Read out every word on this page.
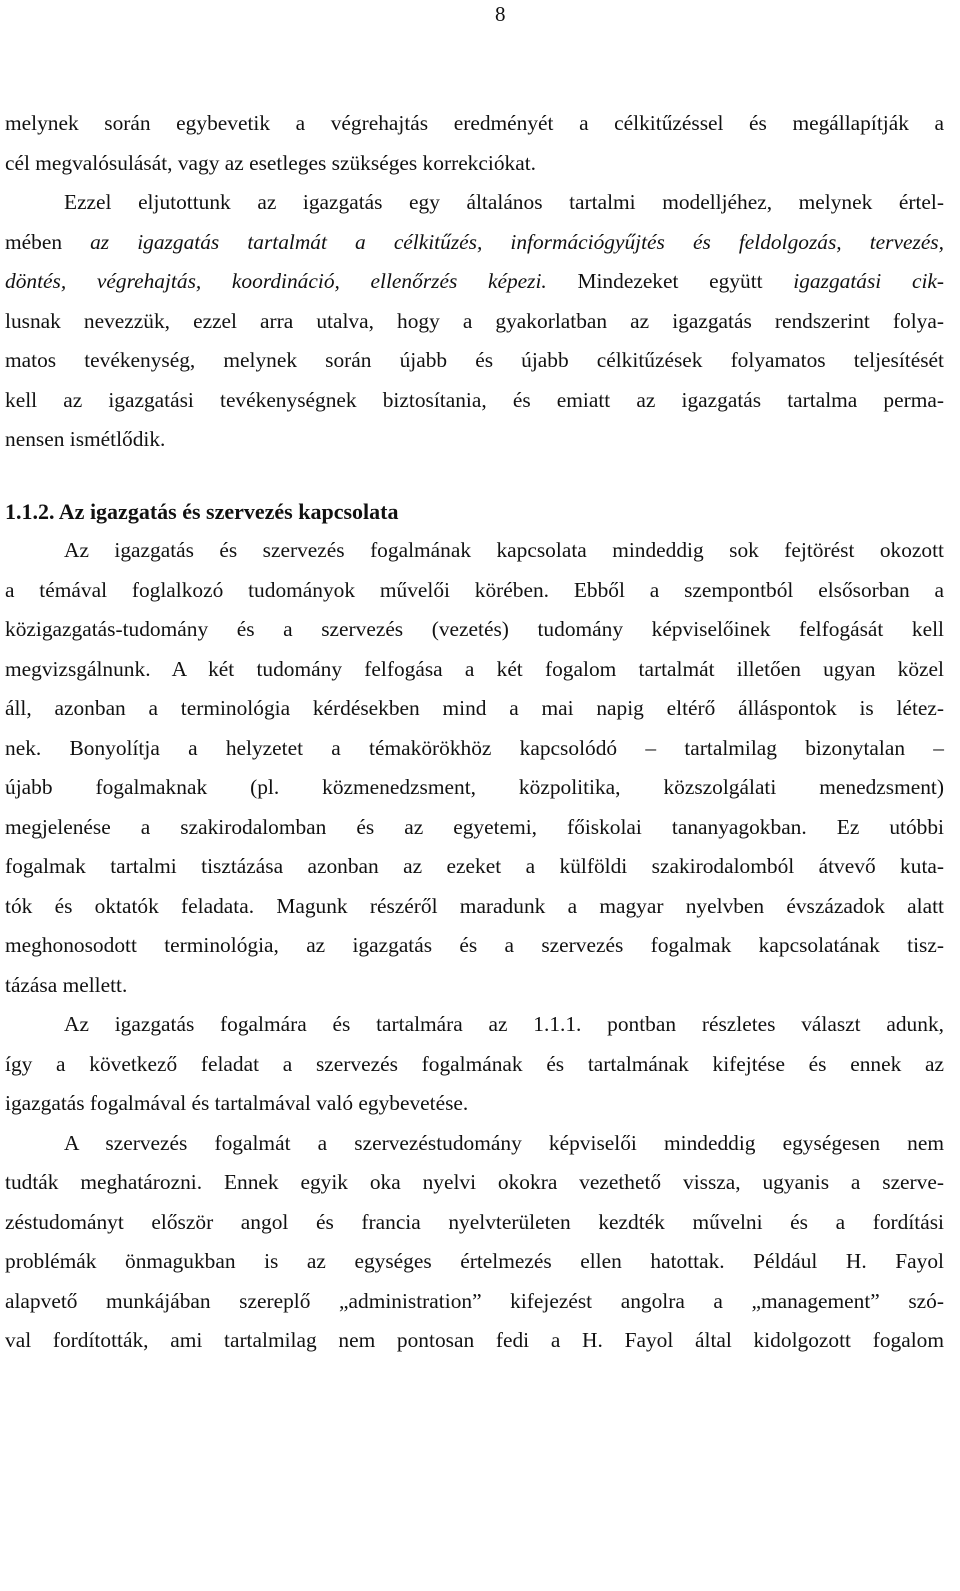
8
melynek során egybevetik a végrehajtás eredményét a célkitűzéssel és megállapítják a
cél megvalósulását, vagy az esetleges szükséges korrekciókat.
Ezzel eljutottunk az igazgatás egy általános tartalmi modelljéhez, melynek értel-
mében az igazgatás tartalmát a célkitűzés, információgyűjtés és feldolgozás, tervezés,
döntés, végrehajtás, koordináció, ellenőrzés képezi. Mindezeket együtt igazgatási cik-
lusnak nevezzük, ezzel arra utalva, hogy a gyakorlatban az igazgatás rendszerint folya-
matos tevékenység, melynek során újabb és újabb célkitűzések folyamatos teljesítését
kell az igazgatási tevékenységnek biztosítania, és emiatt az igazgatás tartalma perma-
nensen ismétlődik.
1.1.2. Az igazgatás és szervezés kapcsolata
Az igazgatás és szervezés fogalmának kapcsolata mindeddig sok fejtörést okozott
a témával foglalkozó tudományok művelői körében. Ebből a szempontból elsősorban a
közigazgatás-tudomány és a szervezés (vezetés) tudomány képviselőinek felfogását kell
megvizsgálnunk. A két tudomány felfogása a két fogalom tartalmát illetően ugyan közel
áll, azonban a terminológia kérdésekben mind a mai napig eltérő álláspontok is létez-
nek. Bonyolítja a helyzetet a témakörökhöz kapcsolódó – tartalmilag bizonytalan –
újabb fogalmaknak (pl. közmenedzsment, közpolitika, közszolgálati menedzsment)
megjelenése a szakirodalomban és az egyetemi, főiskolai tananyagokban. Ez utóbbi
fogalmak tartalmi tisztázása azonban az ezeket a külföldi szakirodalomból átvevő kuta-
tók és oktatók feladata. Magunk részéről maradunk a magyar nyelvben évszázadok alatt
meghonosodott terminológia, az igazgatás és a szervezés fogalmak kapcsolatának tisz-
tázása mellett.
Az igazgatás fogalmára és tartalmára az 1.1.1. pontban részletes választ adunk,
így a következő feladat a szervezés fogalmának és tartalmának kifejtése és ennek az
igazgatás fogalmával és tartalmával való egybevetése.
A szervezés fogalmát a szervezéstudomány képviselői mindeddig egységesen nem
tudták meghatározni. Ennek egyik oka nyelvi okokra vezethető vissza, ugyanis a szerve-
zéstudományt először angol és francia nyelvterületen kezdték művelni és a fordítási
problémák önmagukban is az egységes értelmezés ellen hatottak. Például H. Fayol
alapvető munkájában szereplő „administration” kifejezést angolra a „management” szó-
val fordították, ami tartalmilag nem pontosan fedi a H. Fayol által kidolgozott fogalom
